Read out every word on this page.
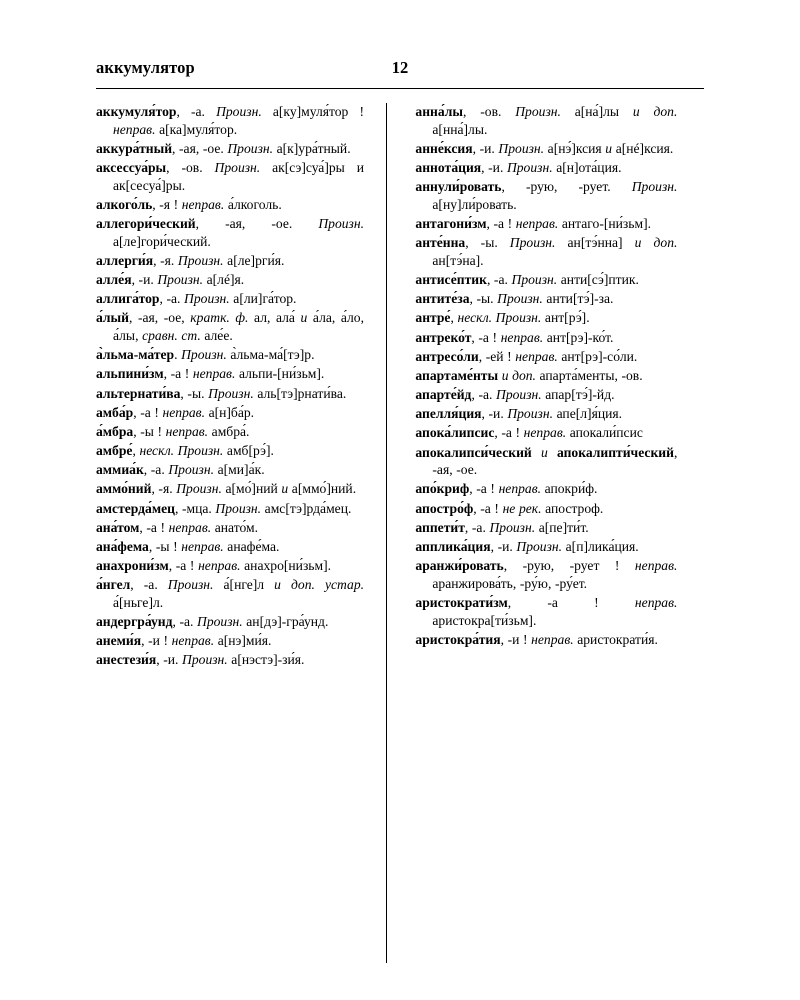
аккумулятор	12
аккумуля́тор, -а. Произн. а[ку]муля́тор ! неправ. а[ка]муля́тор.
аккура́тный, -ая, -ое. Произн. а[к]ура́тный.
аксессуа́ры, -ов. Произн. ак[сэ]суа́]ры и ак[сесуа́]ры.
алкого́ль, -я ! неправ. а́лкоголь.
аллегори́ческий, -ая, -ое. Произн. а[ле]гори́ческий.
аллерги́я, -я. Произн. а[ле]рги́я.
алле́я, -и. Произн. а[лé]я.
аллига́тор, -а. Произн. а[ли]га́тор.
а́лый, -ая, -ое, кратк. ф. ал, ала́ и а́ла, а́ло, а́лы, сравн. ст. але́е.
а̀льма-ма́тер. Произн. а̀льма-ма́[тэ]р.
альпини́зм, -а ! неправ. альпи-[ни́зьм].
альтернати́ва, -ы. Произн. аль[тэ]рнати́ва.
амба́р, -а ! неправ. а[н]ба́р.
а́мбра, -ы ! неправ. амбра́.
амбре́, нескл. Произн. амб[рэ́].
аммиа́к, -а. Произн. а[ми]а́к.
аммо́ний, -я. Произн. а[мо́]ний и а[ммо́]ний.
амстерда́мец, -мца. Произн. амс[тэ]рда́мец.
ана́том, -а ! неправ. анато́м.
ана́фема, -ы ! неправ. анафе́ма.
анахрони́зм, -а ! неправ. анахро[ни́зьм].
а́нгел, -а. Произн. а́[нге]л и доп. устар. а́[ньге]л.
андергра́унд, -а. Произн. ан[дэ]-гра́унд.
анеми́я, -и ! неправ. а[нэ]ми́я.
анестези́я, -и. Произн. а[нэстэ]-зи́я.
анна́лы, -ов. Произн. а[на́]лы и доп. а[нна́]лы.
анне́ксия, -и. Произн. а[нэ́]ксия и а[нé]ксия.
аннота́ция, -и. Произн. а[н]ота́ция.
аннули́ровать, -рую, -рует. Произн. а[ну]ли́ровать.
антагони́зм, -а ! неправ. антаго-[ни́зьм].
анте́нна, -ы. Произн. ан[тэ́нна] и доп. ан[тэ́на].
антисе́птик, -а. Произн. анти[сэ́]птик.
антите́за, -ы. Произн. анти[тэ́]-за.
антре́, нескл. Произн. ант[рэ́].
антреко́т, -а ! неправ. ант[рэ]-ко́т.
антресо́ли, -ей ! неправ. ант[рэ]-со́ли.
апартаме́нты и доп. апарта́менты, -ов.
апарте́йд, -а. Произн. апар[тэ́]-йд.
апелля́ция, -и. Произн. апе[л]я́ция.
апока́липсис, -а ! неправ. апокали́псис
апокалипси́ческий и апокалипти́ческий, -ая, -ое.
апо́криф, -а ! неправ. апокри́ф.
апостро́ф, -а ! не рек. апостроф.
аппети́т, -а. Произн. а[пе]ти́т.
апплика́ция, -и. Произн. а[п]лика́ция.
аранжи́ровать, -рую, -рует ! неправ. аранжирова́ть, -ру́ю, -ру́ет.
аристократи́зм, -а ! неправ. аристокра[ти́зьм].
аристокра́тия, -и ! неправ. аристократи́я.
